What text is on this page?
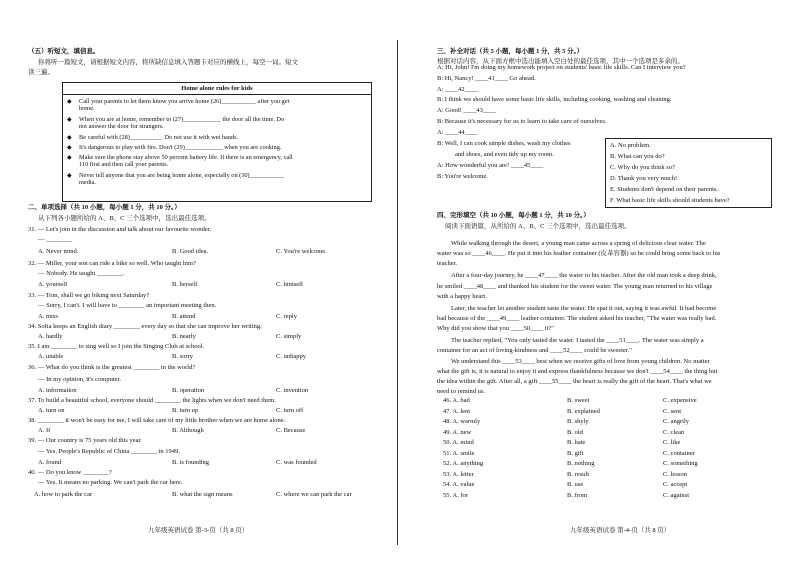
（五）听短文，填信息。
你将听一篇短文，请根据短文内容，将所缺信息填入答题卡对应的横线上，每空一词。短文
读三遍。
Home alone rules for kids
◆ Call your parents to let them know you arrive home (26)___________ after you get
home.
◆ When you are at home, remember to (27)____________ the door all the time. Do
not answer the door for strangers.
◆ Be careful with (28)__________. Do not use it with wet hands.
◆ It's dangerous to play with fire. Don't (29)____________ when you are cooking.
◆ Make sure the phone stay above 50 percent battery life. If there is an emergency, call
110 first and then call your parents.
◆ Never tell anyone that you are being home alone, especially on (30)___________
media.
二、单项选择（共 10 小题，每小题 1 分，共 10 分。）
从下列各小题所给的 A、B、C 三个选项中，选出最佳选项。
31. — Let's join in the discussion and talk about our favourite wonder.
— ________
A. Never mind.	B. Good idea.	C. You're welcome.
32. — Miller, your son can ride a bike so well. Who taught him?
— Nobody. He taught ________.
A. yourself	B. herself	C. himself
33. — Tom, shall we go biking next Saturday?
— Sorry, I can't. I will have to ________ an important meeting then.
A. miss	B. attend	C. reply
34. Sofia keeps an English diary ________ every day so that she can improve her writing.
A. hardly	B. nearly	C. simply
35. I am ________ to sing well so I join the Singing Club at school.
A. unable	B. sorry	C. unhappy
36. — What do you think is the greatest ________ in the world?
— In my opinion, it's computer.
A. information	B. operation	C. invention
37. To build a beautiful school, everyone should ________ the lights when we don't need them.
A. turn on	B. turn up	C. turn off
38. ________ it won't be easy for me, I will take care of my little brother when we are home alone.
A. If	B. Although	C. Because
39. — Our country is 75 years old this year.
— Yes. People's Republic of China ________ in 1949.
A. found	B. is founding	C. was founded
40. — Do you know ________?
— Yes. It means no parking. We can't park the car here.
A. how to park the car	B. what the sign means	C. where we can park the car
九年级英语试卷 第-3-页（共 8 页）
三、补全对话（共 5 小题，每小题 1 分，共 5 分。）
根据对话内容，从下面方框中选出能填入空白处的最佳选项，其中一个选项是多余的。
A: Hi, John! I'm doing my homework project on students' basic life skills. Can I interview you?
B: Hi, Nancy! ____41____ Go ahead.
A: ____42____
B: I think we should have some basic life skills, including cooking, washing and cleaning.
A: Good! ____43____
B: Because it's necessary for us to learn to take care of ourselves.
A: ____44____
B: Well, I can cook simple dishes, wash my clothes
and shoes, and even tidy up my room.
A: How wonderful you are! ____45____
B: You're welcome.
A. No problem.
B. What can you do?
C. Why do you think so?
D. Thank you very much!
E. Students don't depend on their parents.
F. What basic life skills should students have?
四、完形填空（共 10 小题，每小题 1 分，共 10 分。）
阅读下面语篇，从所给的 A、B、C 三个选项中，选出最佳选项。
While walking through the desert, a young man came across a spring of delicious clear water. The
water was so ____46____. He put it into his leather container (皮革容器) so he could bring some back to his
teacher.
After a four-day journey, he ____47____ the water to his teacher. After the old man took a deep drink,
he smiled ____48____ and thanked his student for the sweet water. The young man returned to his village
with a happy heart.
Later, the teacher let another student taste the water. He spat it out, saying it was awful. It had become
bad because of the ____49____ leather container. The student asked his teacher, "The water was really bad.
Why did you show that you ____50____ it?"
The teacher replied, "You only tasted the water. I tasted the ____51____. The water was simply a
container for an act of loving-kindness and ____52____ could be sweeter."
We understand this ____53____ best when we receive gifts of love from young children. No matter
what the gift is, it is natural to enjoy it and express thankfulness because we don't ____54____ the thing but
the idea within the gift. After all, a gift ____55____ the heart is really the gift of the heart. That's what we
need to remind us.
46. A. bad	B. sweet	C. expensive
47. A. lent	B. explained	C. sent
48. A. warmly	B. shyly	C. angrily
49. A. new	B. old	C. clean
50. A. mind	B. hate	C. like
51. A. smile	B. gift	C. container
52. A. anything	B. nothing	C. something
53. A. letter	B. result	C. lesson
54. A. value	B. use	C. accept
55. A. for	B. from	C. against
九年级英语试卷 第-4-页（共 8 页）
